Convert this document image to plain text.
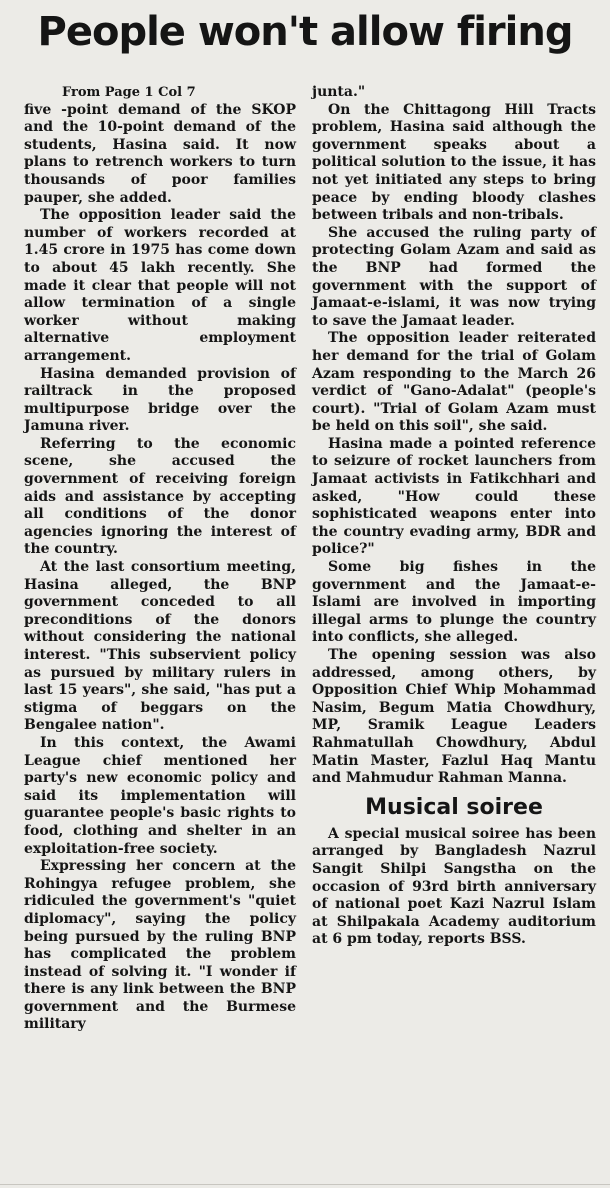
People won't allow firing

From Page 1 Col 7

five -point demand of the SKOP and the 10-point demand of the students, Hasina said. It now plans to retrench workers to turn thousands of poor families pauper, she added.

The opposition leader said the number of workers recorded at 1.45 crore in 1975 has come down to about 45 lakh recently. She made it clear that people will not allow termination of a single worker without making alternative employment arrangement.

Hasina demanded provision of railtrack in the proposed multipurpose bridge over the Jamuna river.

Referring to the economic scene, she accused the government of receiving foreign aids and assistance by accepting all conditions of the donor agencies ignoring the interest of the country.

At the last consortium meeting, Hasina alleged, the BNP government conceded to all preconditions of the donors without considering the national interest. "This subservient policy as pursued by military rulers in last 15 years", she said, "has put a stigma of beggars on the Bengalee nation".

In this context, the Awami League chief mentioned her party's new economic policy and said its implementation will guarantee people's basic rights to food, clothing and shelter in an exploitation-free society.

Expressing her concern at the Rohingya refugee problem, she ridiculed the government's "quiet diplomacy", saying the policy being pursued by the ruling BNP has complicated the problem instead of solving it. "I wonder if there is any link between the BNP government and the Burmese military

junta."

On the Chittagong Hill Tracts problem, Hasina said although the government speaks about a political solution to the issue, it has not yet initiated any steps to bring peace by ending bloody clashes between tribals and non-tribals.

She accused the ruling party of protecting Golam Azam and said as the BNP had formed the government with the support of Jamaat-e-islami, it was now trying to save the Jamaat leader.

The opposition leader reiterated her demand for the trial of Golam Azam responding to the March 26 verdict of "Gano-Adalat" (people's court). "Trial of Golam Azam must be held on this soil", she said.

Hasina made a pointed reference to seizure of rocket launchers from Jamaat activists in Fatikchhari and asked, "How could these sophisticated weapons enter into the country evading army, BDR and police?"

Some big fishes in the government and the Jamaat-e-Islami are involved in importing illegal arms to plunge the country into conflicts, she alleged.

The opening session was also addressed, among others, by Opposition Chief Whip Mohammad Nasim, Begum Matia Chowdhury, MP, Sramik League Leaders Rahmatullah Chowdhury, Abdul Matin Master, Fazlul Haq Mantu and Mahmudur Rahman Manna.

Musical soiree

A special musical soiree has been arranged by Bangladesh Nazrul Sangit Shilpi Sangstha on the occasion of 93rd birth anniversary of national poet Kazi Nazrul Islam at Shilpakala Academy auditorium at 6 pm today, reports BSS.
